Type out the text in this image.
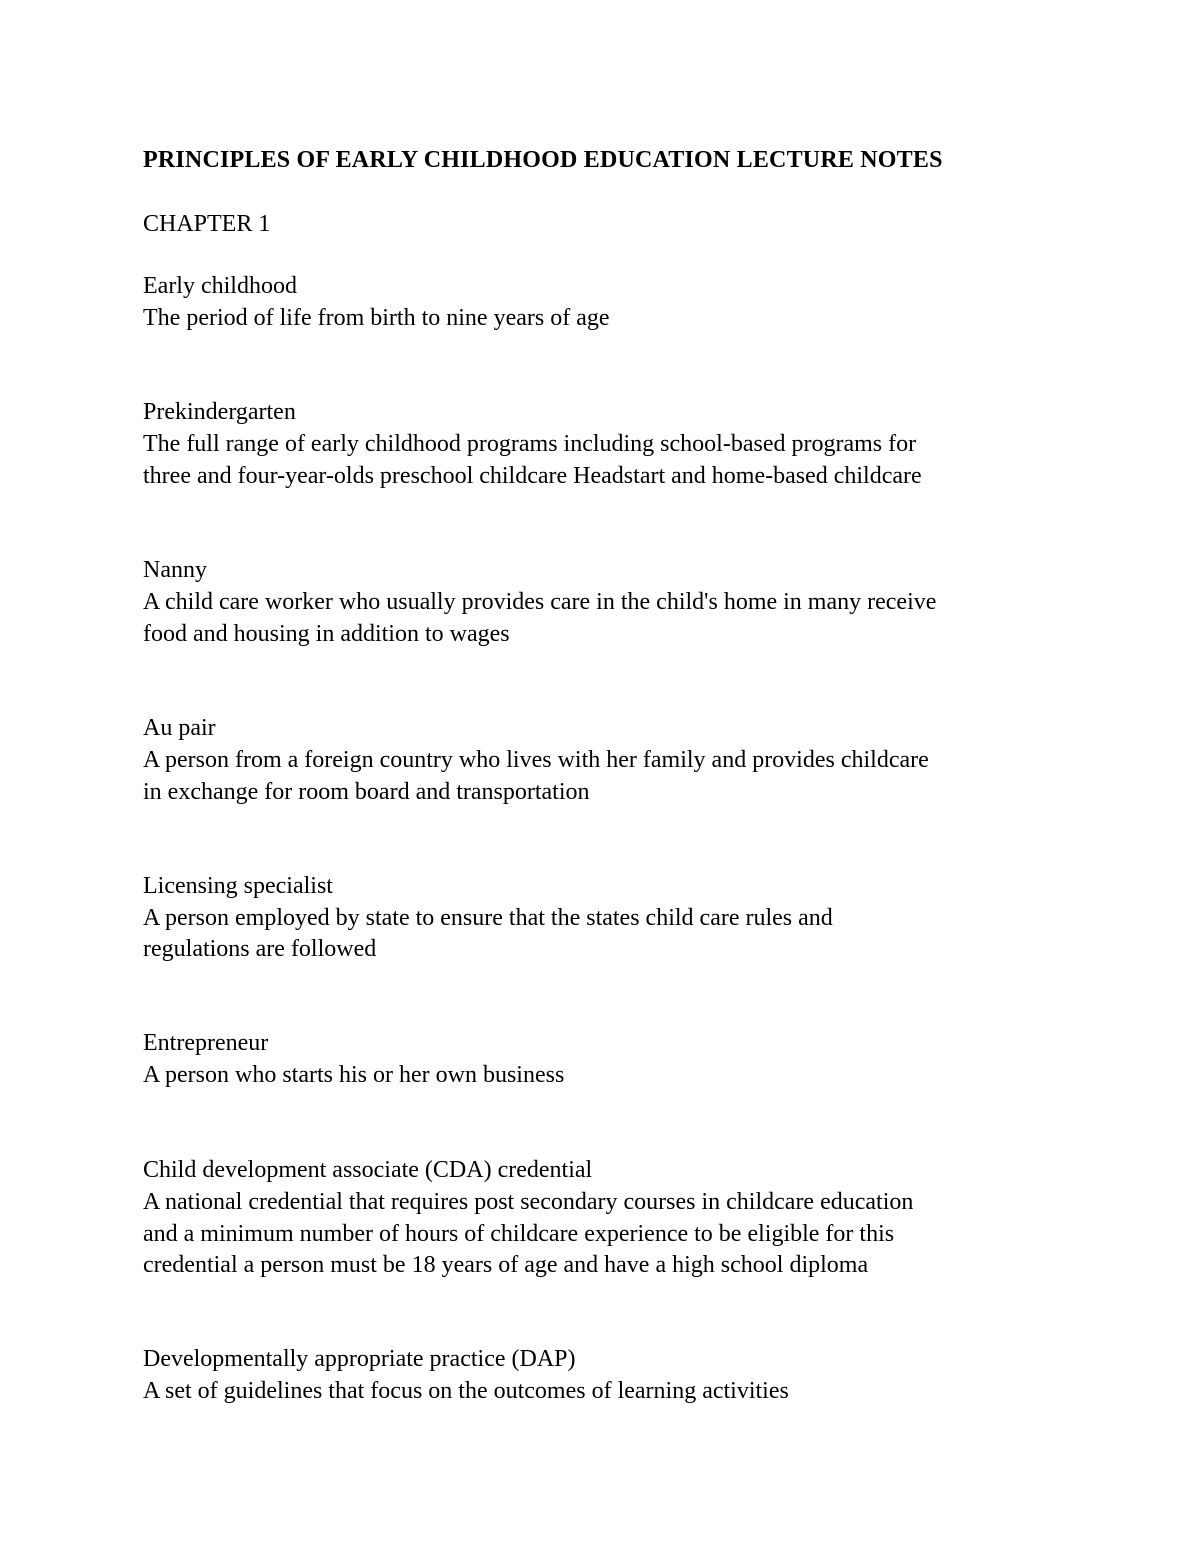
PRINCIPLES OF EARLY CHILDHOOD EDUCATION LECTURE NOTES

CHAPTER 1

Early childhood

The period of life from birth to nine years of age

Prekindergarten

The full range of early childhood programs including school-based programs for

three and four-year-olds preschool childcare Headstart and home-based childcare

Nanny

A child care worker who usually provides care in the child's home in many receive

food and housing in addition to wages

Au pair

A person from a foreign country who lives with her family and provides childcare

in exchange for room board and transportation

Licensing specialist

A person employed by state to ensure that the states child care rules and

regulations are followed

Entrepreneur

A person who starts his or her own business

Child development associate (CDA) credential

A national credential that requires post secondary courses in childcare education

and a minimum number of hours of childcare experience to be eligible for this

credential a person must be 18 years of age and have a high school diploma

Developmentally appropriate practice (DAP)

A set of guidelines that focus on the outcomes of learning activities
